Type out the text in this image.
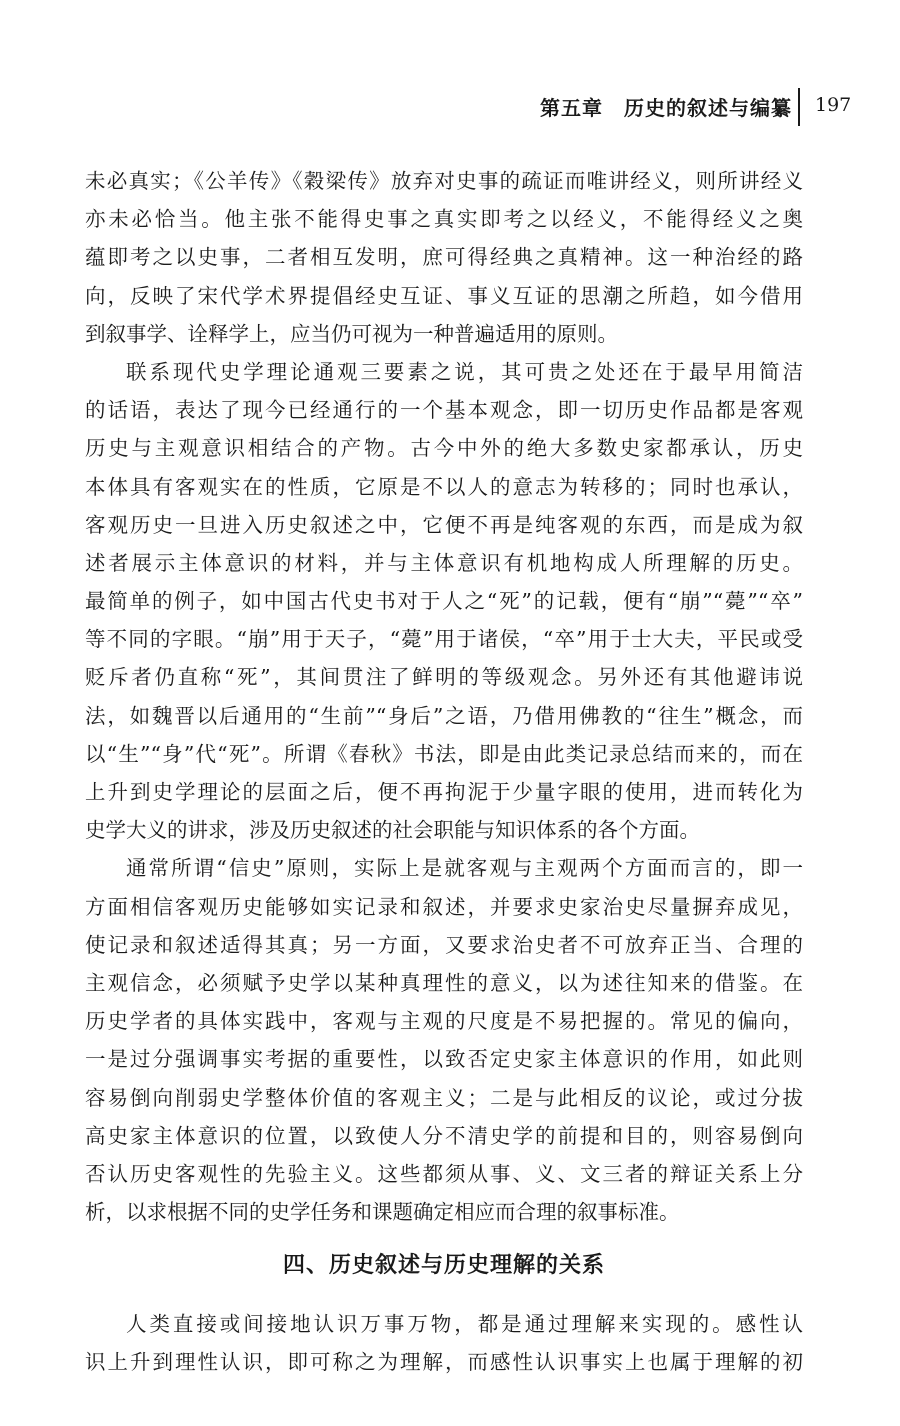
第五章　历史的叙述与编纂 197

未必真实；《公羊传》《穀梁传》放弃对史事的疏证而唯讲经义，则所讲经义
亦未必恰当。他主张不能得史事之真实即考之以经义，不能得经义之奥
蕴即考之以史事，二者相互发明，庶可得经典之真精神。这一种治经的路
向，反映了宋代学术界提倡经史互证、事义互证的思潮之所趋，如今借用
到叙事学、诠释学上，应当仍可视为一种普遍适用的原则。

联系现代史学理论通观三要素之说，其可贵之处还在于最早用简洁
的话语，表达了现今已经通行的一个基本观念，即一切历史作品都是客观
历史与主观意识相结合的产物。古今中外的绝大多数史家都承认，历史
本体具有客观实在的性质，它原是不以人的意志为转移的；同时也承认，
客观历史一旦进入历史叙述之中，它便不再是纯客观的东西，而是成为叙
述者展示主体意识的材料，并与主体意识有机地构成人所理解的历史。
最简单的例子，如中国古代史书对于人之“死”的记载，便有“崩”“薨”“卒”
等不同的字眼。“崩”用于天子，“薨”用于诸侯，“卒”用于士大夫，平民或受
贬斥者仍直称“死”，其间贯注了鲜明的等级观念。另外还有其他避讳说
法，如魏晋以后通用的“生前”“身后”之语，乃借用佛教的“往生”概念，而
以“生”“身”代“死”。所谓《春秋》书法，即是由此类记录总结而来的，而在
上升到史学理论的层面之后，便不再拘泥于少量字眼的使用，进而转化为
史学大义的讲求，涉及历史叙述的社会职能与知识体系的各个方面。

通常所谓“信史”原则，实际上是就客观与主观两个方面而言的，即一
方面相信客观历史能够如实记录和叙述，并要求史家治史尽量摒弃成见，
使记录和叙述适得其真；另一方面，又要求治史者不可放弃正当、合理的
主观信念，必须赋予史学以某种真理性的意义，以为述往知来的借鉴。在
历史学者的具体实践中，客观与主观的尺度是不易把握的。常见的偏向，
一是过分强调事实考据的重要性，以致否定史家主体意识的作用，如此则
容易倒向削弱史学整体价值的客观主义；二是与此相反的议论，或过分拔
高史家主体意识的位置，以致使人分不清史学的前提和目的，则容易倒向
否认历史客观性的先验主义。这些都须从事、义、文三者的辩证关系上分
析，以求根据不同的史学任务和课题确定相应而合理的叙事标准。

四、历史叙述与历史理解的关系

人类直接或间接地认识万事万物，都是通过理解来实现的。感性认
识上升到理性认识，即可称之为理解，而感性认识事实上也属于理解的初
